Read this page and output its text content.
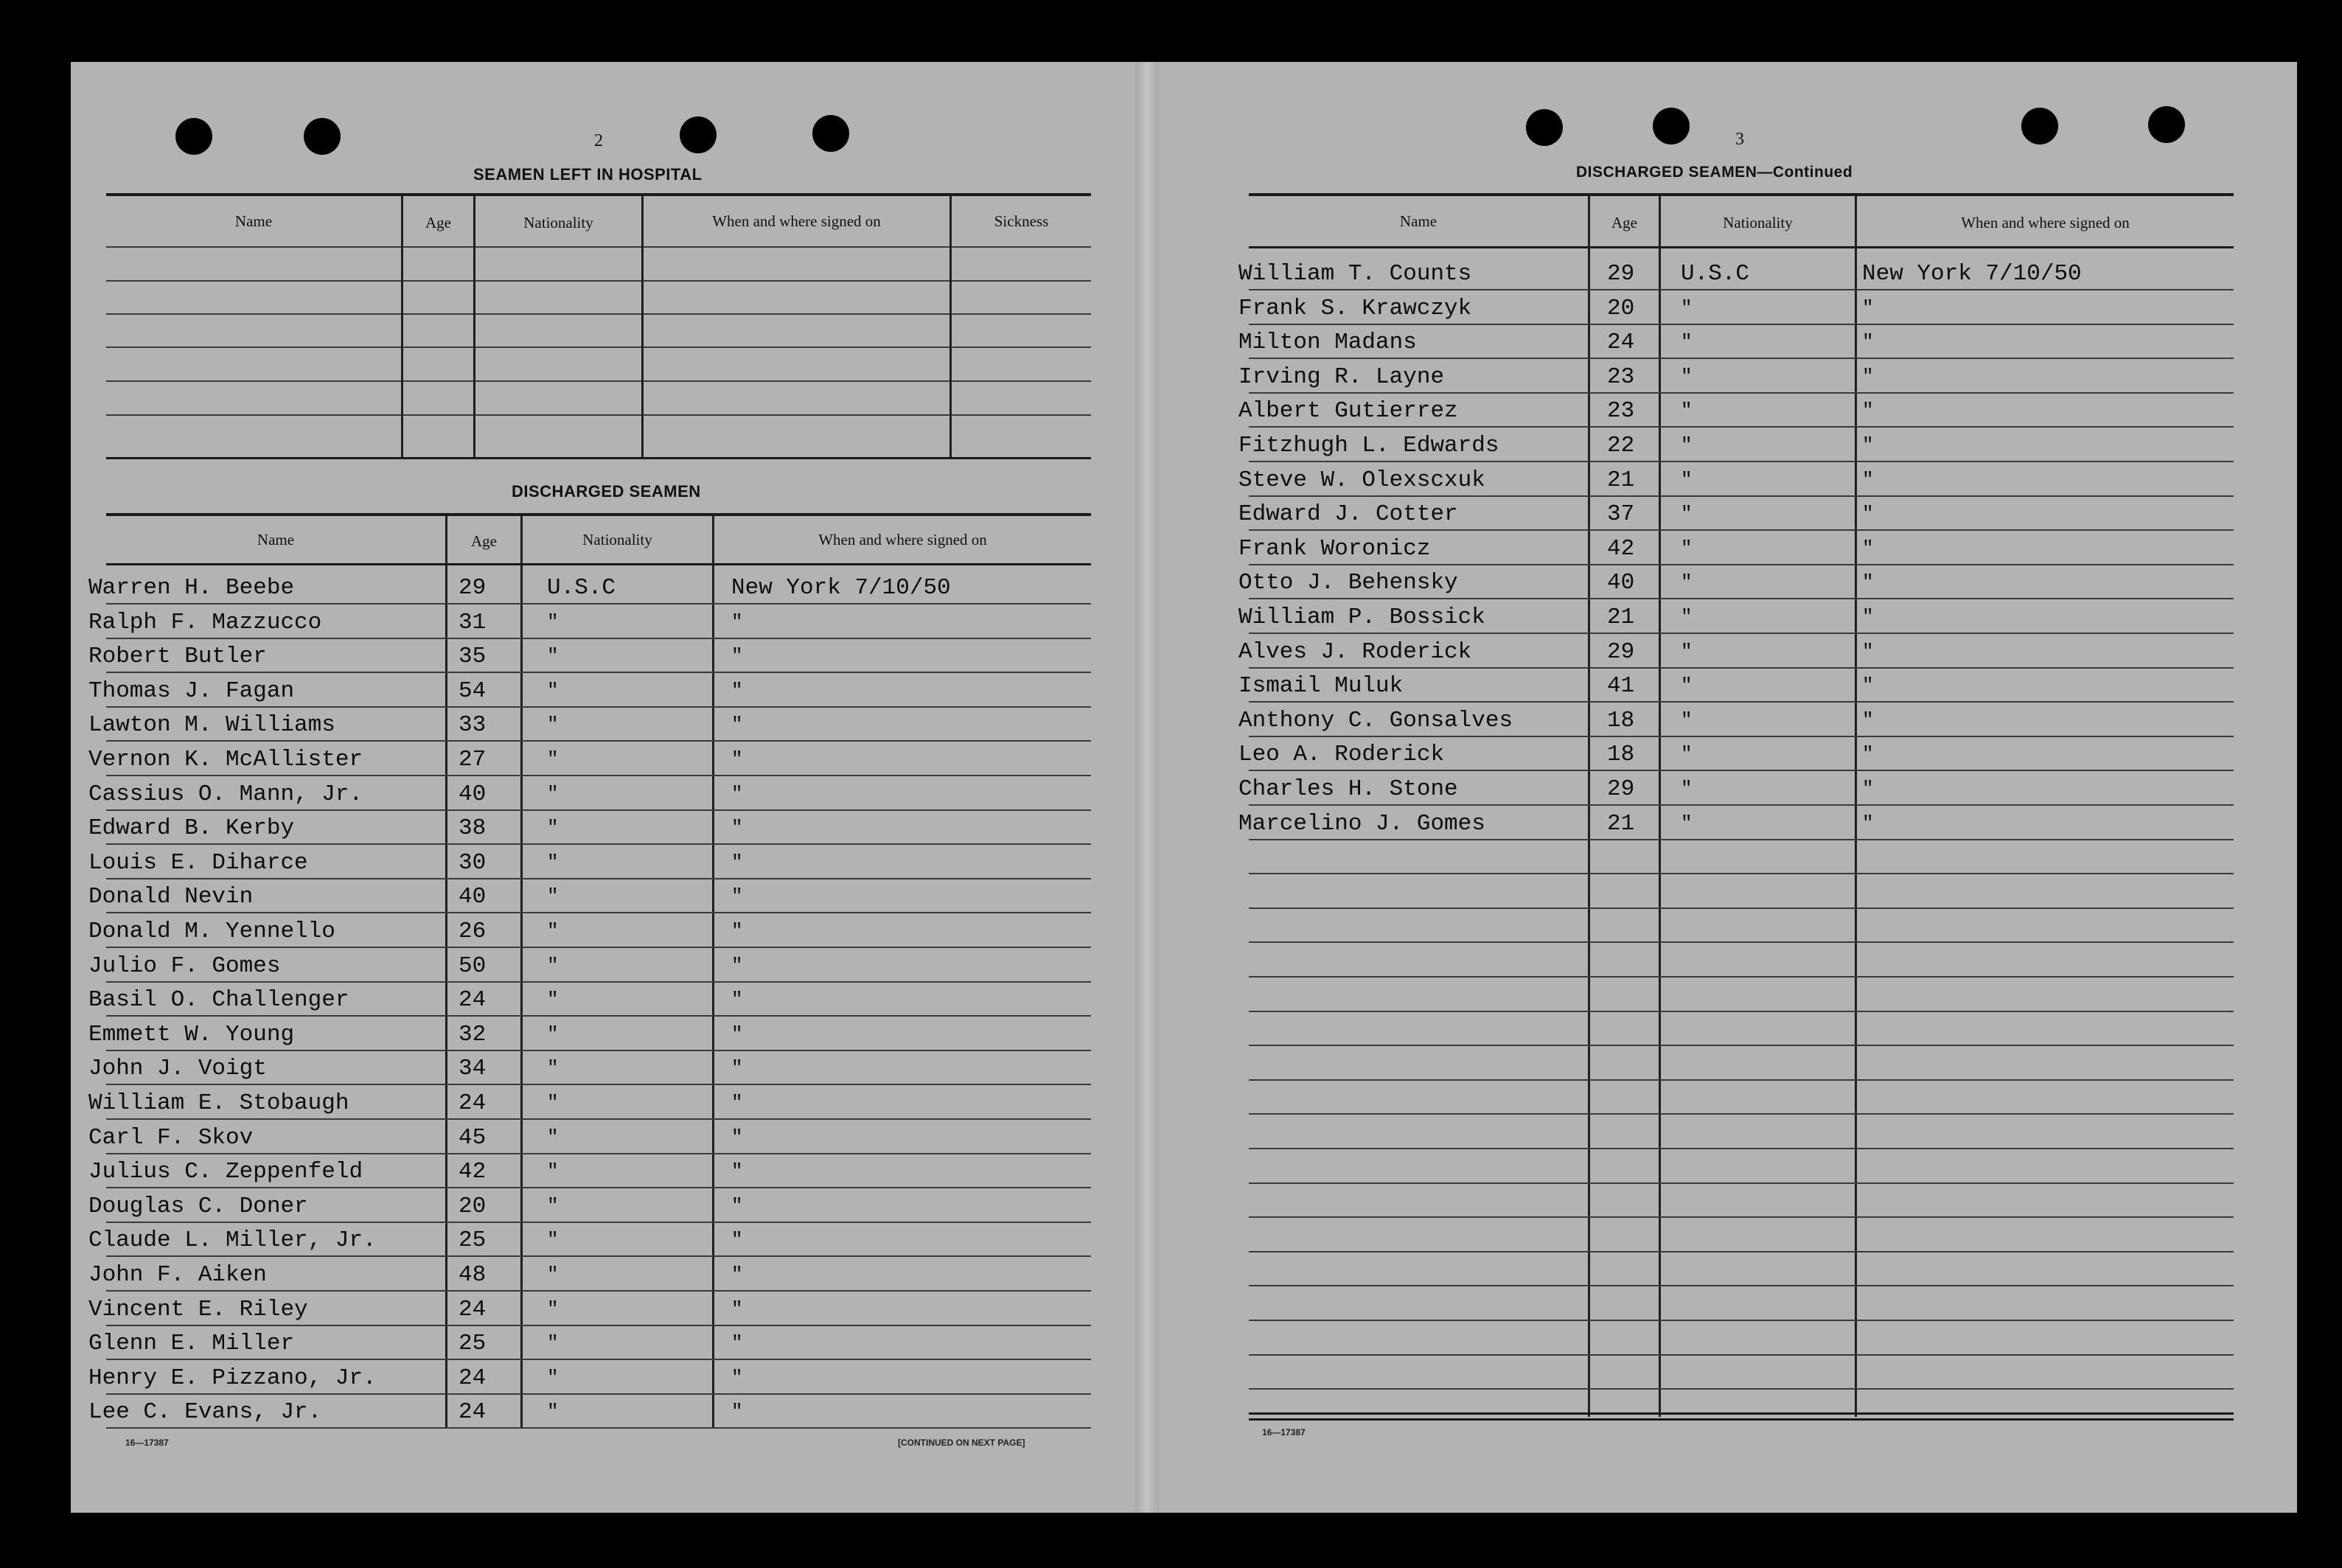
2
SEAMEN LEFT IN HOSPITAL
Name	Age	Nationality	When and where signed on	Sickness
DISCHARGED SEAMEN
Name	Age	Nationality	When and where signed on
Warren H. Beebe	29	U.S.C	New York 7/10/50
Ralph F. Mazzucco	31	"	"
Robert Butler	35	"	"
Thomas J. Fagan	54	"	"
Lawton M. Williams	33	"	"
Vernon K. McAllister	27	"	"
Cassius O. Mann, Jr.	40	"	"
Edward B. Kerby	38	"	"
Louis E. Diharce	30	"	"
Donald Nevin	40	"	"
Donald M. Yennello	26	"	"
Julio F. Gomes	50	"	"
Basil O. Challenger	24	"	"
Emmett W. Young	32	"	"
John J. Voigt	34	"	"
William E. Stobaugh	24	"	"
Carl F. Skov	45	"	"
Julius C. Zeppenfeld	42	"	"
Douglas C. Doner	20	"	"
Claude L. Miller, Jr.	25	"	"
John F. Aiken	48	"	"
Vincent E. Riley	24	"	"
Glenn E. Miller	25	"	"
Henry E. Pizzano, Jr.	24	"	"
Lee C. Evans, Jr.	24	"	"
16—17387	[CONTINUED ON NEXT PAGE]
3
DISCHARGED SEAMEN—Continued
Name	Age	Nationality	When and where signed on
William T. Counts	29 U.S.C	New York 7/10/50
Frank S. Krawczyk	20 "	"
Milton Madans	24 "	"
Irving R. Layne	23 "	"
Albert Gutierrez	23 "	"
Fitzhugh L. Edwards	22 "	"
Steve W. Olexscxuk	21 "	"
Edward J. Cotter	37 "	"
Frank Woronicz	42 "	"
Otto J. Behensky	40 "	"
William P. Bossick	21 "	"
Alves J. Roderick	29 "	"
Ismail Muluk	41 "	"
Anthony C. Gonsalves	18 "	"
Leo A. Roderick	18 "	"
Charles H. Stone	29 "	"
Marcelino J. Gomes	21 "	"
16—17387
